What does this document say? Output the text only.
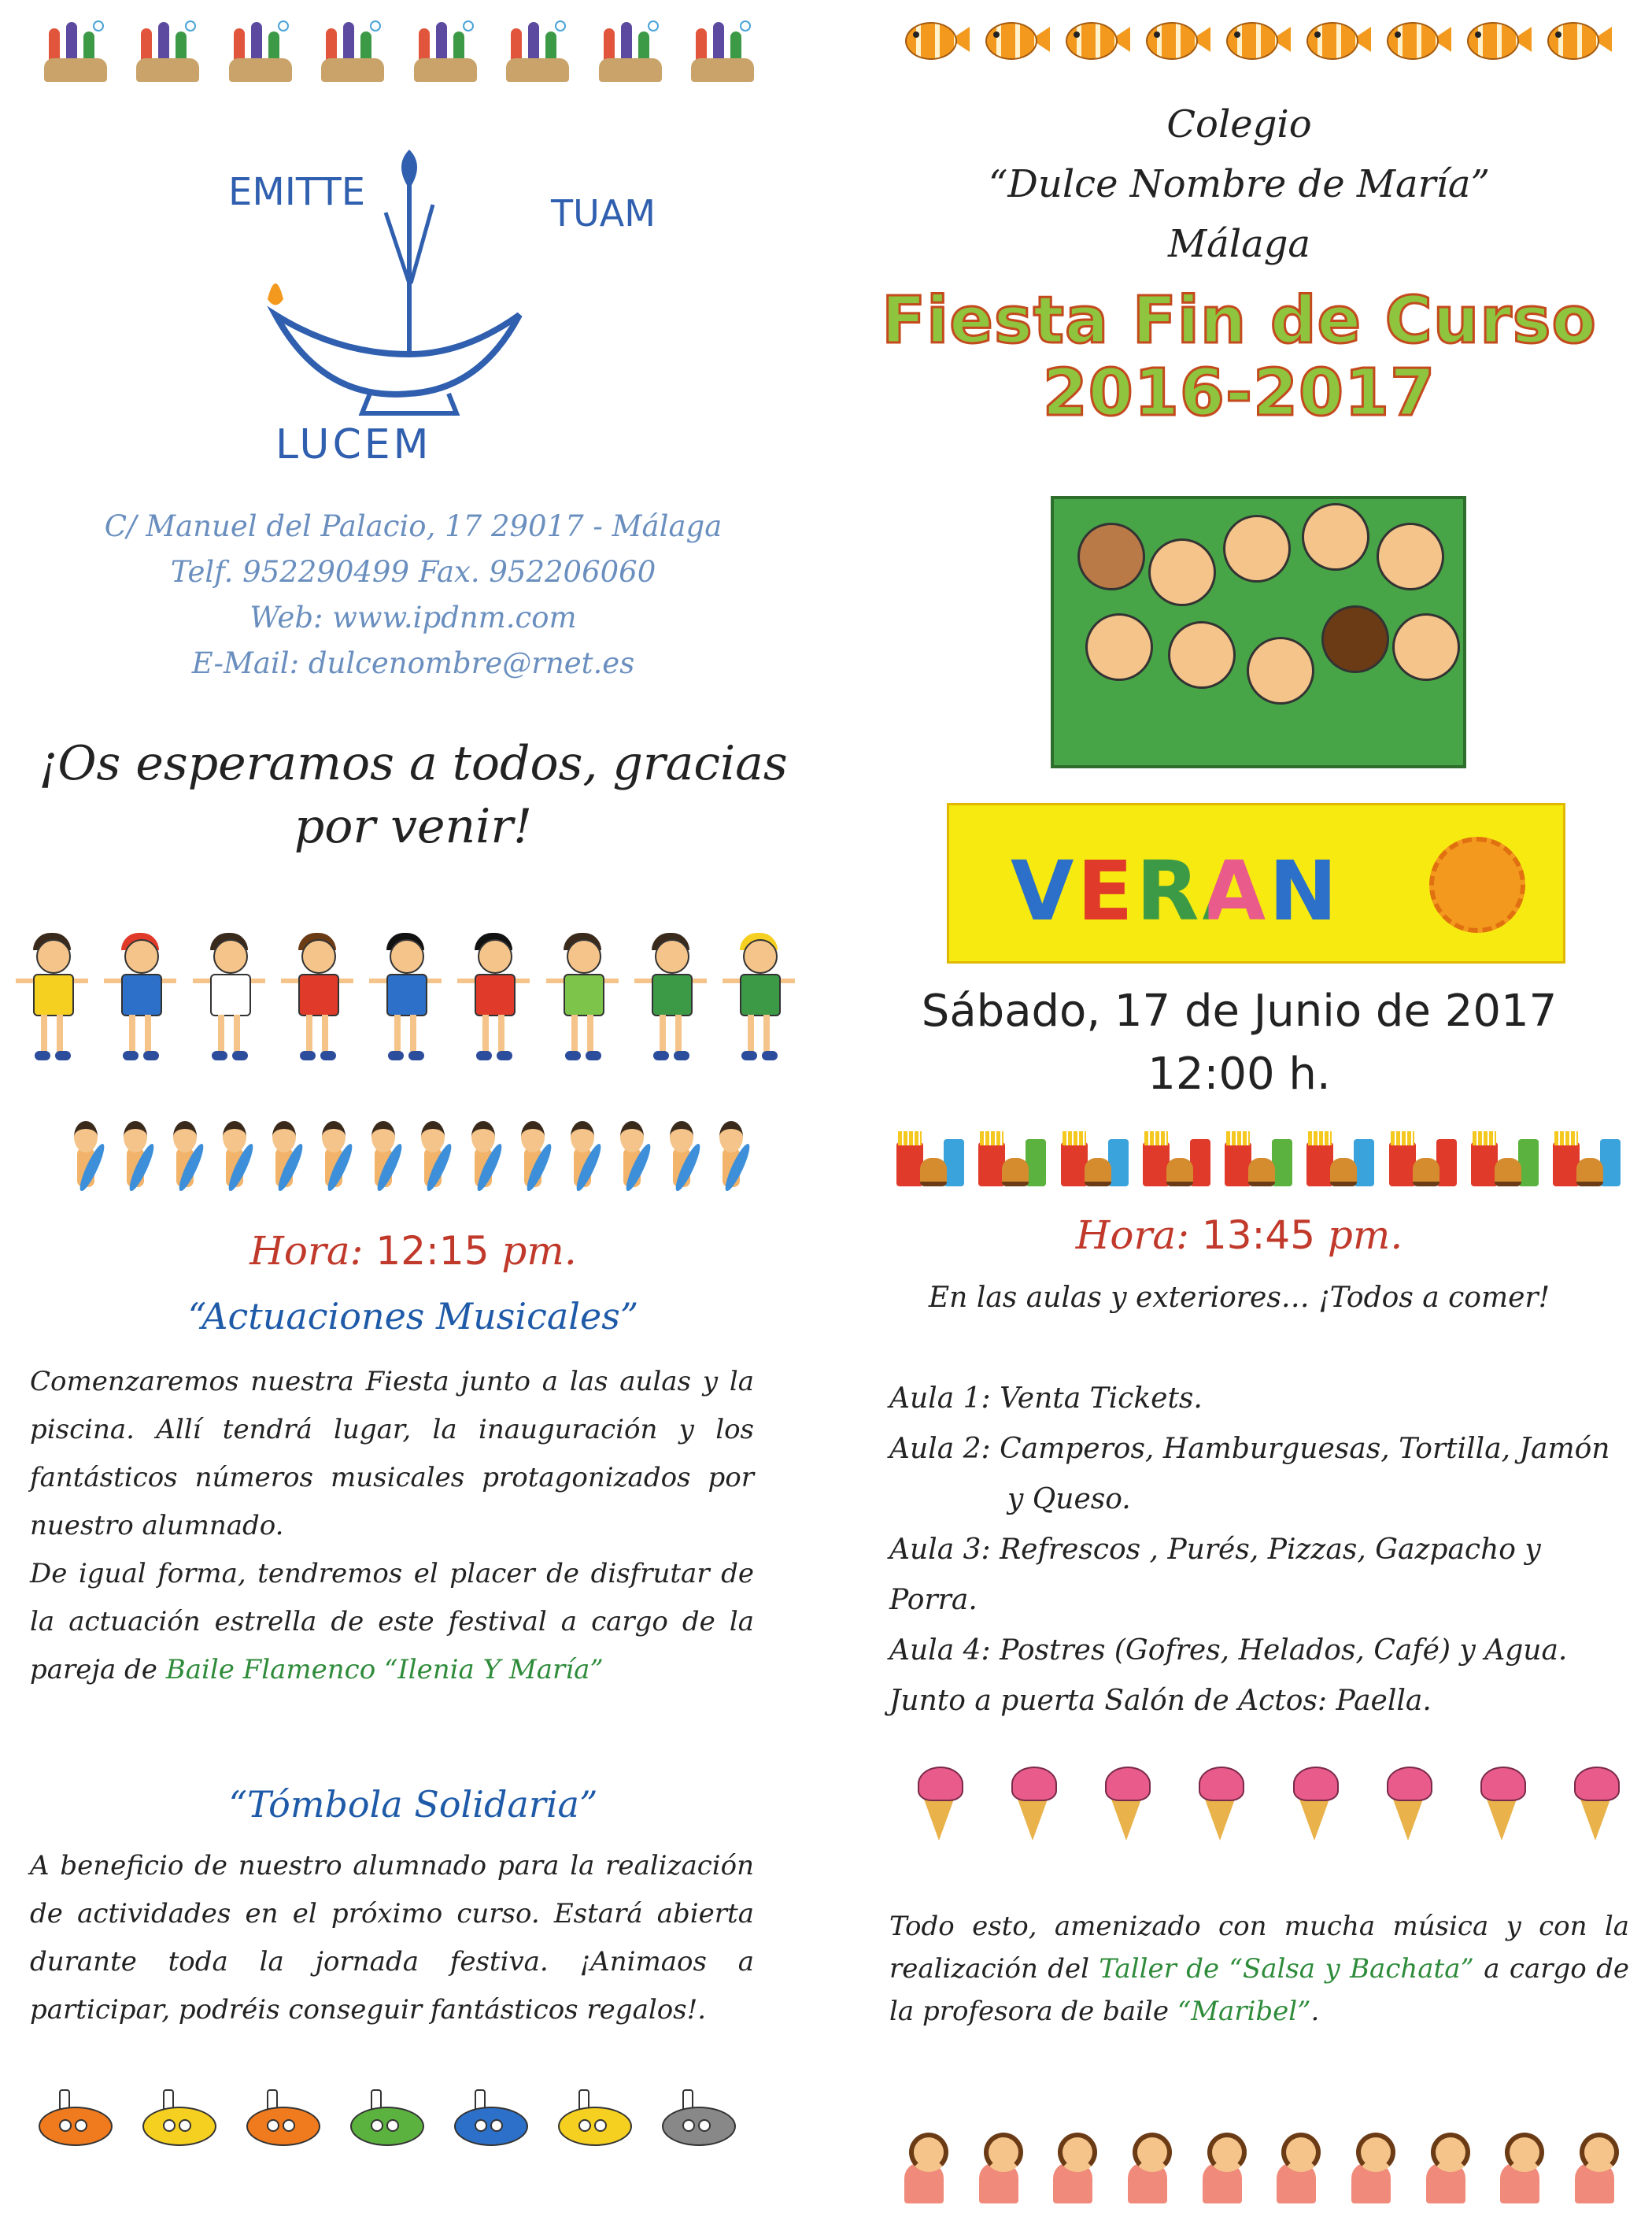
EMITTE	TUAM
LUCEM
C/ Manuel del Palacio, 17 29017 - Málaga
Telf. 952290499 Fax. 952206060
Web: www.ipdnm.com
E-Mail: dulcenombre@rnet.es
¡Os esperamos a todos, gracias
por venir!
Hora: 12:15 pm.
“Actuaciones Musicales”
Comenzaremos nuestra Fiesta junto a las aulas y la piscina. Allí tendrá lugar, la inauguración y los fantásticos números musicales protagonizados por nuestro alumnado.
De igual forma, tendremos el placer de disfrutar de la actuación estrella de este festival a cargo de la pareja de Baile Flamenco “Ilenia Y María”
“Tómbola Solidaria”
A beneficio de nuestro alumnado para la realización de actividades en el próximo curso. Estará abierta durante toda la jornada festiva. ¡Animaos a participar, podréis conseguir fantásticos regalos!.
Colegio
“Dulce Nombre de María”
Málaga
Fiesta Fin de Curso
2016-2017
VERAN
Sábado, 17 de Junio de 2017
12:00 h.
Hora: 13:45 pm.
En las aulas y exteriores… ¡Todos a comer!
Aula 1: Venta Tickets.
Aula 2: Camperos, Hamburguesas, Tortilla, Jamón
y Queso.
Aula 3: Refrescos , Purés, Pizzas, Gazpacho y Porra.
Aula 4: Postres (Gofres, Helados, Café) y Agua.
Junto a puerta Salón de Actos: Paella.
Todo esto, amenizado con mucha música y con la realización del Taller de “Salsa y Bachata” a cargo de la profesora de baile “Maribel”.
